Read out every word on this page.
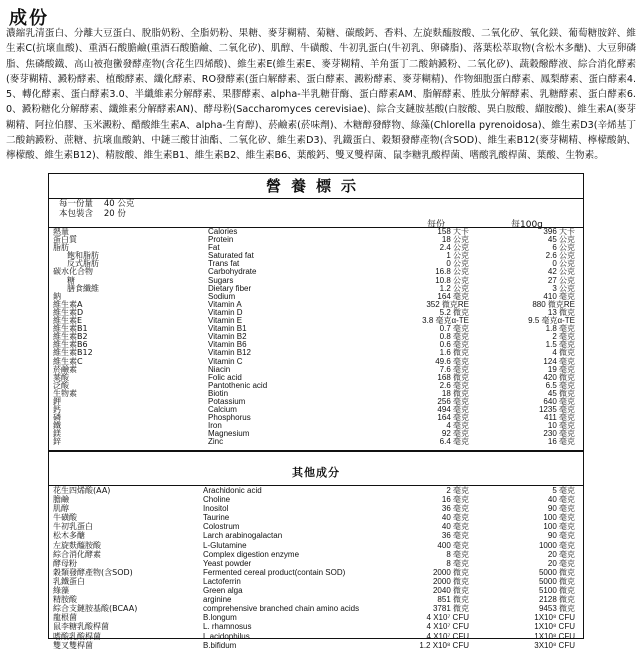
成份
濃縮乳清蛋白、分離大豆蛋白、脫脂奶粉、全脂奶粉、果糖、麥芽糊精、菊糖、碳酸鈣、香料、左旋麩醯胺酸、二氧化矽、氧化鎂、葡萄糖胺鋅、維生素C(抗壞血酸)、重酒石酸膽鹼(重酒石酸膽鹼、二氧化矽)、肌醇、牛磺酸、牛初乳蛋白(牛初乳、卵磷脂)、落葉松萃取物(含松木多醣)、大豆卵磷脂、焦磷酸鐵、高山被孢黴發酵產物(含花生四烯酸)、維生素E(維生素E、麥芽糊精、羊角蛋丁二酸鈉澱粉、二氧化矽)、蔬穀醱酵液、綜合消化酵素(麥芽糊精、澱粉酵素、植酸酵素、纖化酵素、RO發酵素(蛋白解酵素、蛋白酵素、澱粉酵素、麥芽糊精)、作物細胞蛋白酵素、鳳梨酵素、蛋白酵素4.5、轉化酵素、蛋白酵素3.0、半纖維素分解酵素、果膠酵素、alpha-半乳糖苷酶、蛋白酵素AM、脂解酵素、胜肽分解酵素、乳糖酵素、蛋白酵素6.0、澱粉糖化分解酵素、纖維素分解酵素AN)、酵母粉(Saccharomyces cerevisiae)、綜合支鏈胺基酸(白胺酸、異白胺酸、纈胺酸)、維生素A(麥芽糊精、阿拉伯膠、玉米澱粉、醋酸維生素A、alpha-生育醇)、菸鹼素(菸味劑)、木糖醇發酵物、綠藻(Chlorella pyrenoidosa)、維生素D3(辛烯基丁二酸鈉澱粉、蔗糖、抗壞血酸鈉、中鏈三酸甘油酯、二氧化矽、維生素D3)、乳鐵蛋白、穀類發酵產物(含SOD)、維生素B12(麥芽糊精、檸檬酸鈉、檸檬酸、維生素B12)、精胺酸、維生素B1、維生素B2、維生素B6、葉酸鈣、雙叉雙桿菌、鼠李糖乳酸桿菌、嗜酸乳酸桿菌、葉酸、生物素。
營養標示
每一份量 40 公克
本包裝含 20 份
每份	每100g
熱量	Calories	158 大卡	396 大卡
蛋白質	Protein	18 公克	45 公克
脂肪	Fat	2.4 公克	6 公克
飽和脂肪	Saturated fat	1 公克	2.6 公克
反式脂肪	Trans fat	0 公克	0 公克
碳水化合物	Carbohydrate	16.8 公克	42 公克
糖	Sugars	10.8 公克	27 公克
膳食纖維	Dietary fiber	1.2 公克	3 公克
鈉	Sodium	164 毫克	410 毫克
維生素A	Vitamin A	352 微克RE	880 微克RE
維生素D	Vitamin D	5.2 微克	13 微克
維生素E	Vitamin E	3.8 毫克α-TE	9.5 毫克α-TE
維生素B1	Vitamin B1	0.7 毫克	1.8 毫克
維生素B2	Vitamin B2	0.8 毫克	2 毫克
維生素B6	Vitamin B6	0.6 毫克	1.5 毫克
維生素B12	Vitamin B12	1.6 微克	4 微克
維生素C	Vitamin C	49.6 毫克	124 毫克
菸鹼素	Niacin	7.6 毫克	19 毫克
葉酸	Folic acid	168 微克	420 微克
泛酸	Pantothenic acid	2.6 毫克	6.5 毫克
生物素	Biotin	18 微克	45 微克
鉀	Potassium	256 毫克	640 毫克
鈣	Calcium	494 毫克	1235 毫克
磷	Phosphorus	164 毫克	411 毫克
鐵	Iron	4 毫克	10 毫克
鎂	Magnesium	92 毫克	230 毫克
鋅	Zinc	6.4 毫克	16 毫克
其他成分
花生四烯酸(AA)	Arachidonic acid	2 毫克	5 毫克
膽鹼	Choline	16 毫克	40 毫克
肌醇	Inositol	36 毫克	90 毫克
牛磺酸	Taurine	40 毫克	100 毫克
牛初乳蛋白	Colostrum	40 毫克	100 毫克
松木多醣	Larch arabinogalactan	36 毫克	90 毫克
左旋麩醯胺酸	L-Glutamine	400 毫克	1000 毫克
綜合消化酵素	Complex digestion enzyme	8 毫克	20 毫克
酵母粉	Yeast powder	8 毫克	20 毫克
穀類發酵產物(含SOD)	Fermented cereal product(contain SOD)	2000 微克	5000 微克
乳鐵蛋白	Lactoferrin	2000 微克	5000 微克
綠藻	Green alga	2040 微克	5100 微克
精胺酸	arginine	851 微克	2128 微克
綜合支鏈胺基酸(BCAA)	comprehensive branched chain amino acids	3781 微克	9453 微克
龍根菌	B.longum	4 X10⁷ CFU	1X10⁸ CFU
鼠李糖乳酸桿菌	L. rhamnosus	4 X10⁷ CFU	1X10⁸ CFU
嗜酸乳酸桿菌	L.acidophilus	4 X10⁷ CFU	1X10⁸ CFU
雙叉雙桿菌	B.bifidum	1.2 X10⁸ CFU	3X10⁸ CFU
